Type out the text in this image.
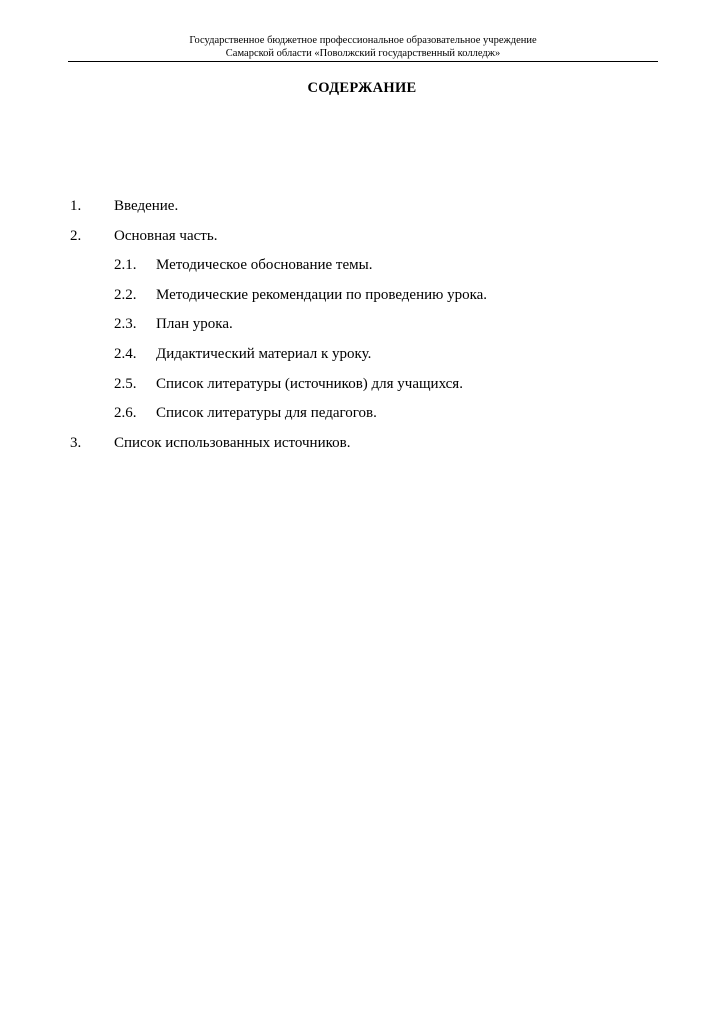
Государственное бюджетное профессиональное образовательное учреждение
Самарской области «Поволжский государственный колледж»
СОДЕРЖАНИЕ
1. Введение.
2. Основная часть.
2.1. Методическое обоснование темы.
2.2. Методические рекомендации по проведению урока.
2.3. План урока.
2.4. Дидактический материал к уроку.
2.5. Список литературы (источников) для учащихся.
2.6. Список литературы для педагогов.
3. Список использованных источников.
